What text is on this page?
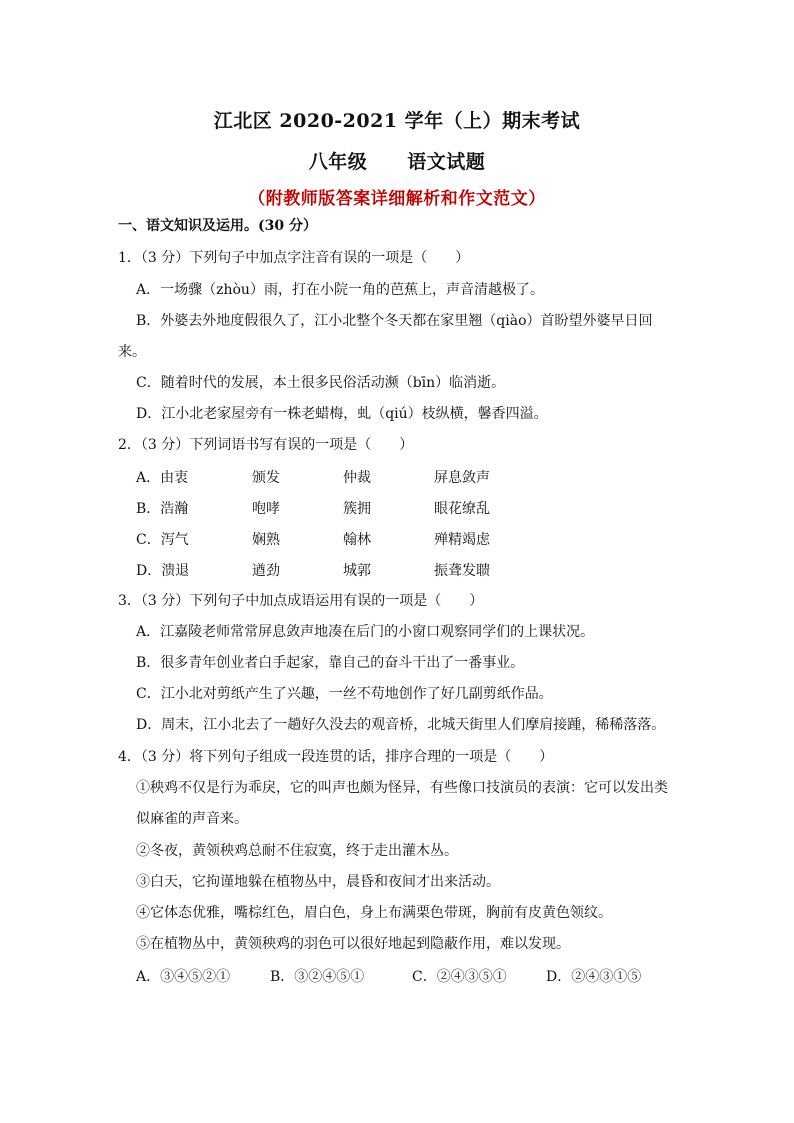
江北区 2020-2021 学年（上）期末考试
八年级 语文试题
（附教师版答案详细解析和作文范文）
一、语文知识及运用。(30 分）
1．（3 分）下列句子中加点字注音有误的一项是（　　）
A．一场骤（zhòu）雨，打在小院一角的芭蕉上，声音清越极了。
B．外婆去外地度假很久了，江小北整个冬天都在家里翘（qiào）首盼望外婆早日回
来。
C．随着时代的发展，本土很多民俗活动濒（bīn）临消逝。
D．江小北老家屋旁有一株老蜡梅，虬（qiú）枝纵横，馨香四溢。
2．（3 分）下列词语书写有误的一项是（　　）
A．由衷	颁发	仲裁	屏息敛声
B．浩瀚	咆哮	簇拥	眼花缭乱
C．泻气	娴熟	翰林	殚精竭虑
D．溃退	遒劲	城郭	振聋发聩
3．（3 分）下列句子中加点成语运用有误的一项是（　　）
A．江嘉陵老师常常屏息敛声地凑在后门的小窗口观察同学们的上课状况。
B．很多青年创业者白手起家，靠自己的奋斗干出了一番事业。
C．江小北对剪纸产生了兴趣，一丝不苟地创作了好几副剪纸作品。
D．周末，江小北去了一趟好久没去的观音桥，北城天街里人们摩肩接踵，稀稀落落。
4．（3 分）将下列句子组成一段连贯的话，排序合理的一项是（　　）
①秧鸡不仅是行为乖戾，它的叫声也颇为怪异，有些像口技演员的表演：它可以发出类
似麻雀的声音来。
②冬夜，黄领秧鸡总耐不住寂寞，终于走出灌木丛。
③白天，它拘谨地躲在植物丛中，晨昏和夜间才出来活动。
④它体态优雅，嘴棕红色，眉白色，身上布满栗色带斑，胸前有皮黄色领纹。
⑤在植物丛中，黄领秧鸡的羽色可以很好地起到隐蔽作用，难以发现。
A．③④⑤②①	B．③②④⑤①	C．②④③⑤①	D．②④③①⑤
